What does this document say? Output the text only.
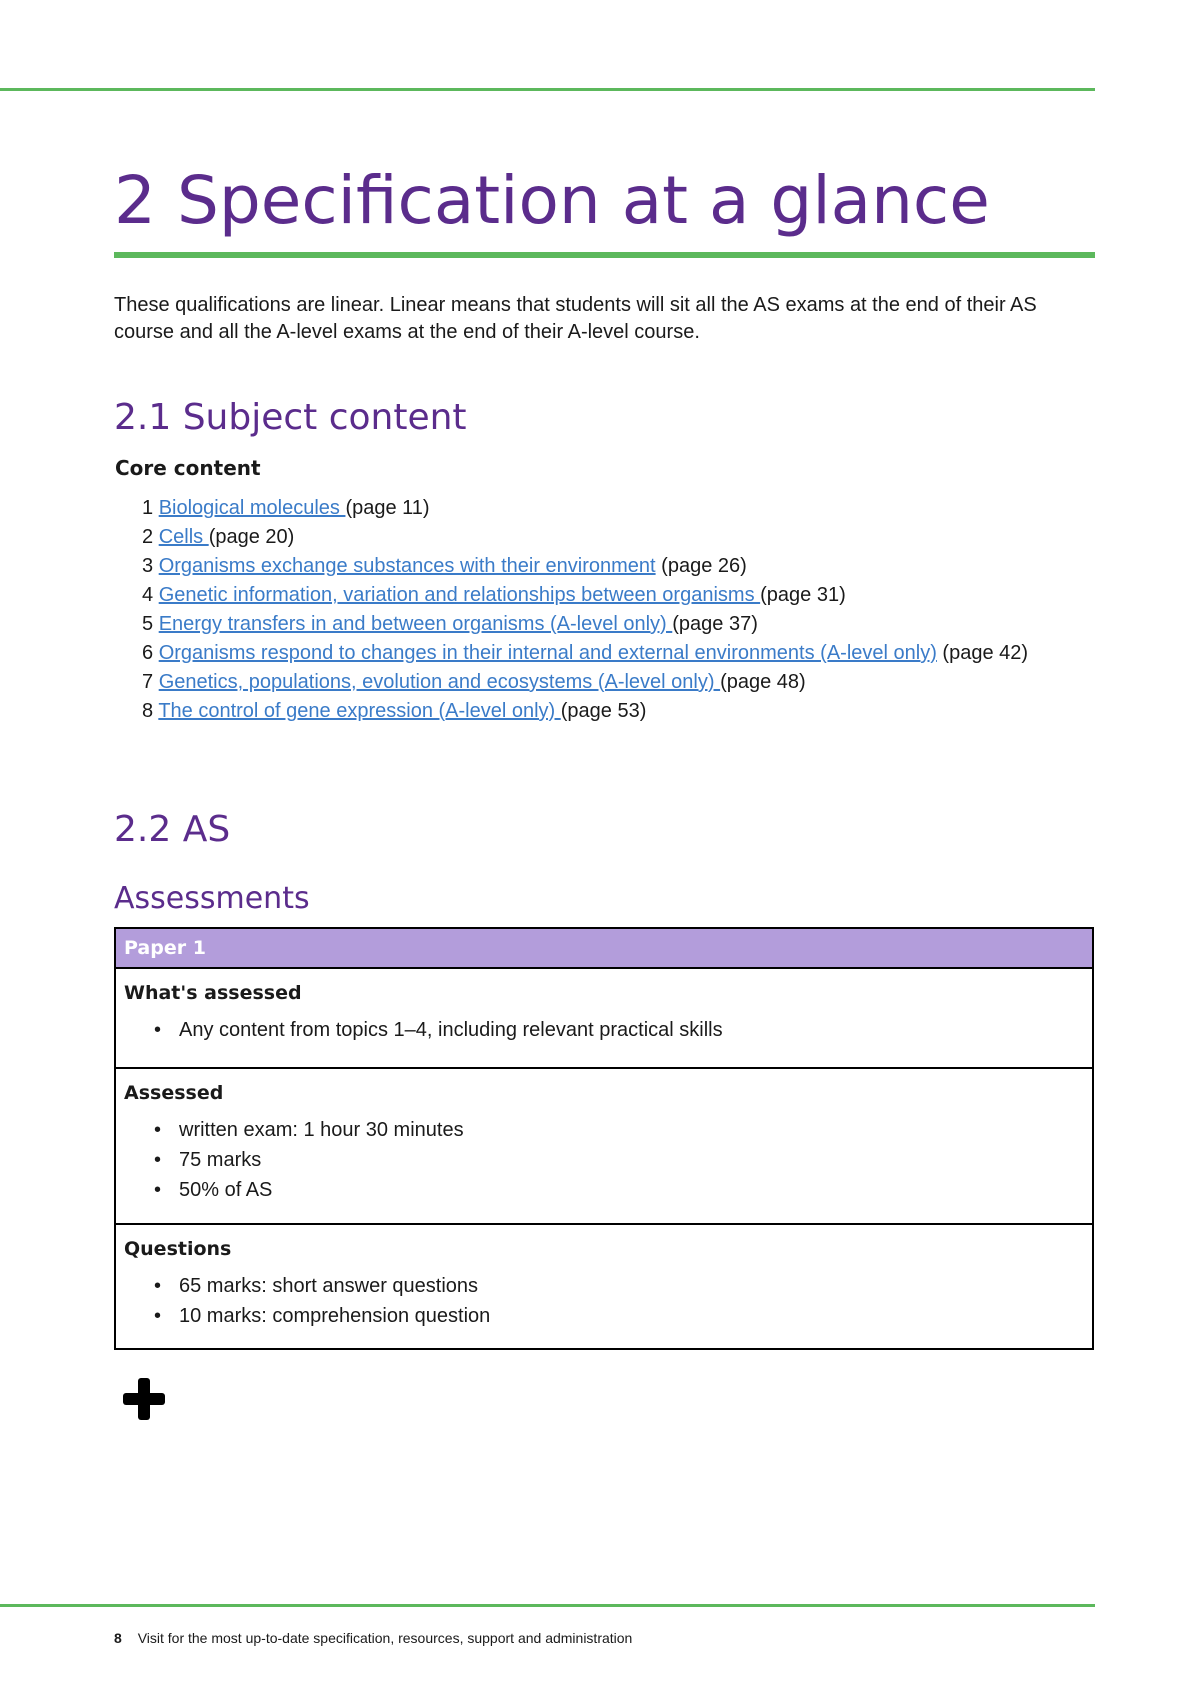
2 Specification at a glance

These qualifications are linear. Linear means that students will sit all the AS exams at the end of their AS course and all the A-level exams at the end of their A-level course.

2.1 Subject content
Core content
1 Biological molecules (page 11)
2 Cells (page 20)
3 Organisms exchange substances with their environment (page 26)
4 Genetic information, variation and relationships between organisms (page 31)
5 Energy transfers in and between organisms (A-level only) (page 37)
6 Organisms respond to changes in their internal and external environments (A-level only) (page 42)
7 Genetics, populations, evolution and ecosystems (A-level only) (page 48)
8 The control of gene expression (A-level only) (page 53)
2.2 AS
Assessments
Paper 1
What's assessed
• Any content from topics 1–4, including relevant practical skills
Assessed
• written exam: 1 hour 30 minutes
• 75 marks
• 50% of AS
Questions
• 65 marks: short answer questions
• 10 marks: comprehension question
8 Visit for the most up-to-date specification, resources, support and administration
